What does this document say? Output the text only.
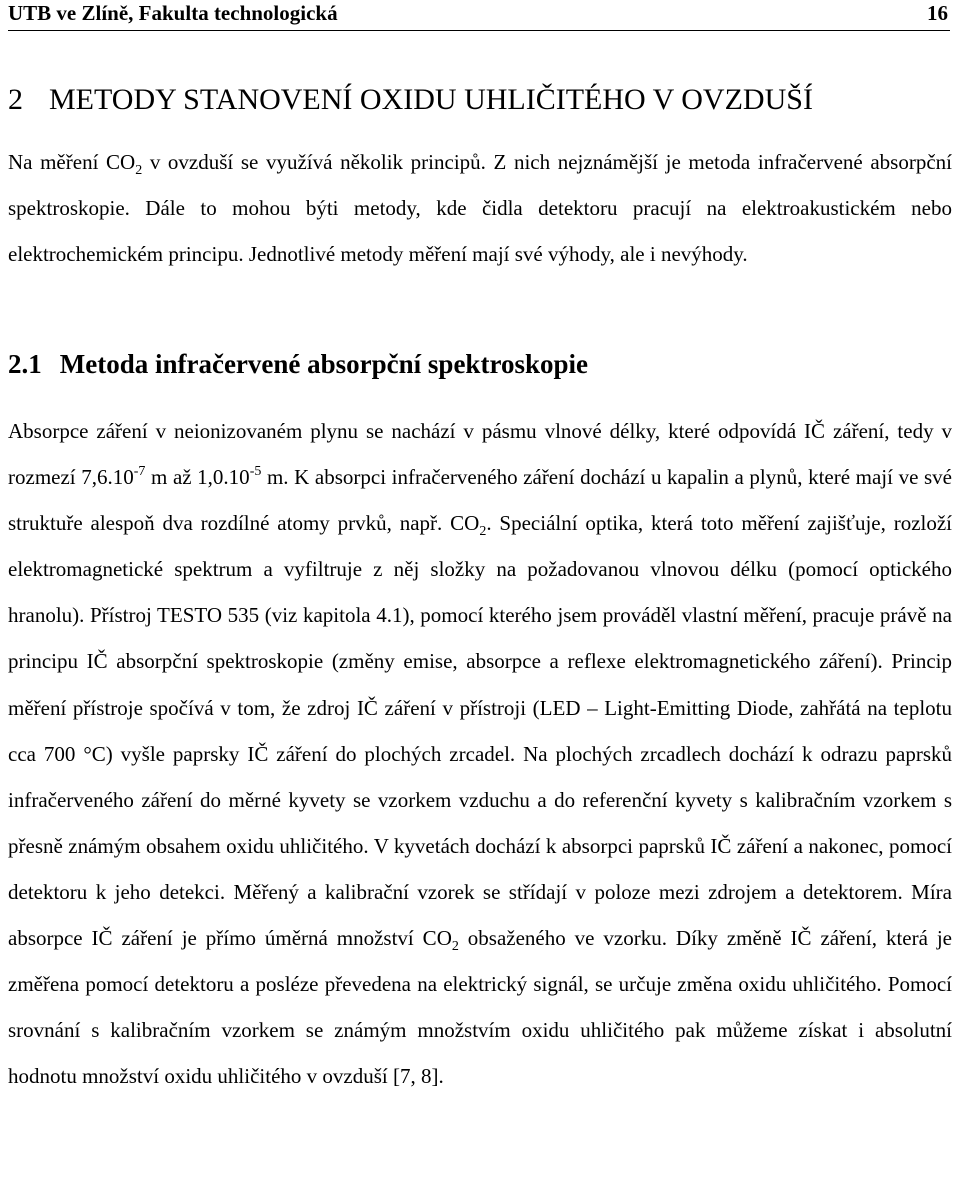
UTB ve Zlíně, Fakulta technologická	16
2 METODY STANOVENÍ OXIDU UHLIČITÉHO V OVZDUŠÍ

Na měření $CO_2$ v ovzduší se využívá několik principů. Z nich nejznámější je metoda infračervené absorpční spektroskopie. Dále to mohou býti metody, kde čidla detektoru pracují na elektroakustickém nebo elektrochemickém principu. Jednotlivé metody měření mají své výhody, ale i nevýhody.

2.1 Metoda infračervené absorpční spektroskopie

Absorpce záření v neionizovaném plynu se nachází v pásmu vlnové délky, které odpovídá IČ záření, tedy v rozmezí $7,6.10^{-7}$ m až $1,0.10^{-5}$ m. K absorpci infračerveného záření dochází u kapalin a plynů, které mají ve své struktuře alespoň dva rozdílné atomy prvků, např. $CO_2$. Speciální optika, která toto měření zajišťuje, rozloží elektromagnetické spektrum a vyfiltruje z něj složky na požadovanou vlnovou délku (pomocí optického hranolu). Přístroj TESTO 535 (viz kapitola 4.1), pomocí kterého jsem prováděl vlastní měření, pracuje právě na principu IČ absorpční spektroskopie (změny emise, absorpce a reflexe elektromagnetického záření). Princip měření přístroje spočívá v tom, že zdroj IČ záření v přístroji (LED – Light-Emitting Diode, zahřátá na teplotu cca 700 °C) vyšle paprsky IČ záření do plochých zrcadel. Na plochých zrcadlech dochází k odrazu paprsků infračerveného záření do měrné kyvety se vzorkem vzduchu a do referenční kyvety s kalibračním vzorkem s přesně známým obsahem oxidu uhličitého. V kyvetách dochází k absorpci paprsků IČ záření a nakonec, pomocí detektoru k jeho detekci. Měřený a kalibrační vzorek se střídají v poloze mezi zdrojem a detektorem. Míra absorpce IČ záření je přímo úměrná množství $CO_2$ obsaženého ve vzorku. Díky změně IČ záření, která je změřena pomocí detektoru a posléze převedena na elektrický signál, se určuje změna oxidu uhličitého. Pomocí srovnání s kalibračním vzorkem se známým množstvím oxidu uhličitého pak můžeme získat i absolutní hodnotu množství oxidu uhličitého v ovzduší [7, 8].
